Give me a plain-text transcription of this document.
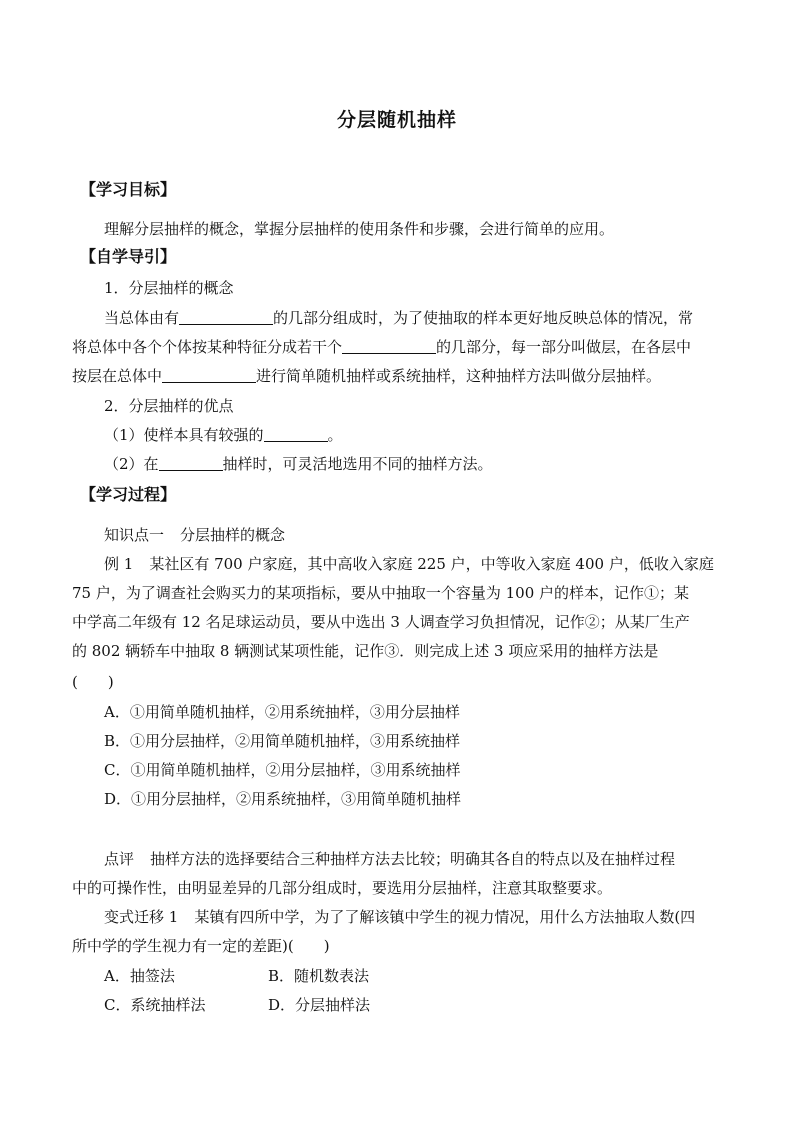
分层随机抽样
【学习目标】
理解分层抽样的概念，掌握分层抽样的使用条件和步骤，会进行简单的应用。
【自学导引】
1．分层抽样的概念
当总体由有	的几部分组成时，为了使抽取的样本更好地反映总体的情况，常
将总体中各个个体按某种特征分成若干个	的几部分，每一部分叫做层，在各层中
按层在总体中	进行简单随机抽样或系统抽样，这种抽样方法叫做分层抽样。
2．分层抽样的优点
（1）使样本具有较强的	。
（2）在	抽样时，可灵活地选用不同的抽样方法。
【学习过程】
知识点一 分层抽样的概念
例 1 某社区有 700 户家庭，其中高收入家庭 225 户，中等收入家庭 400 户，低收入家庭
75 户，为了调查社会购买力的某项指标，要从中抽取一个容量为 100 户的样本，记作①；某
中学高二年级有 12 名足球运动员，要从中选出 3 人调查学习负担情况，记作②；从某厂生产
的 802 辆轿车中抽取 8 辆测试某项性能，记作③．则完成上述 3 项应采用的抽样方法是
(　　)
A．①用简单随机抽样，②用系统抽样，③用分层抽样
B．①用分层抽样，②用简单随机抽样，③用系统抽样
C．①用简单随机抽样，②用分层抽样，③用系统抽样
D．①用分层抽样，②用系统抽样，③用简单随机抽样
点评 抽样方法的选择要结合三种抽样方法去比较；明确其各自的特点以及在抽样过程
中的可操作性，由明显差异的几部分组成时，要选用分层抽样，注意其取整要求。
变式迁移 1 某镇有四所中学，为了了解该镇中学生的视力情况，用什么方法抽取人数(四
所中学的学生视力有一定的差距)(　　)
A．抽签法	B．随机数表法
C．系统抽样法	D．分层抽样法
